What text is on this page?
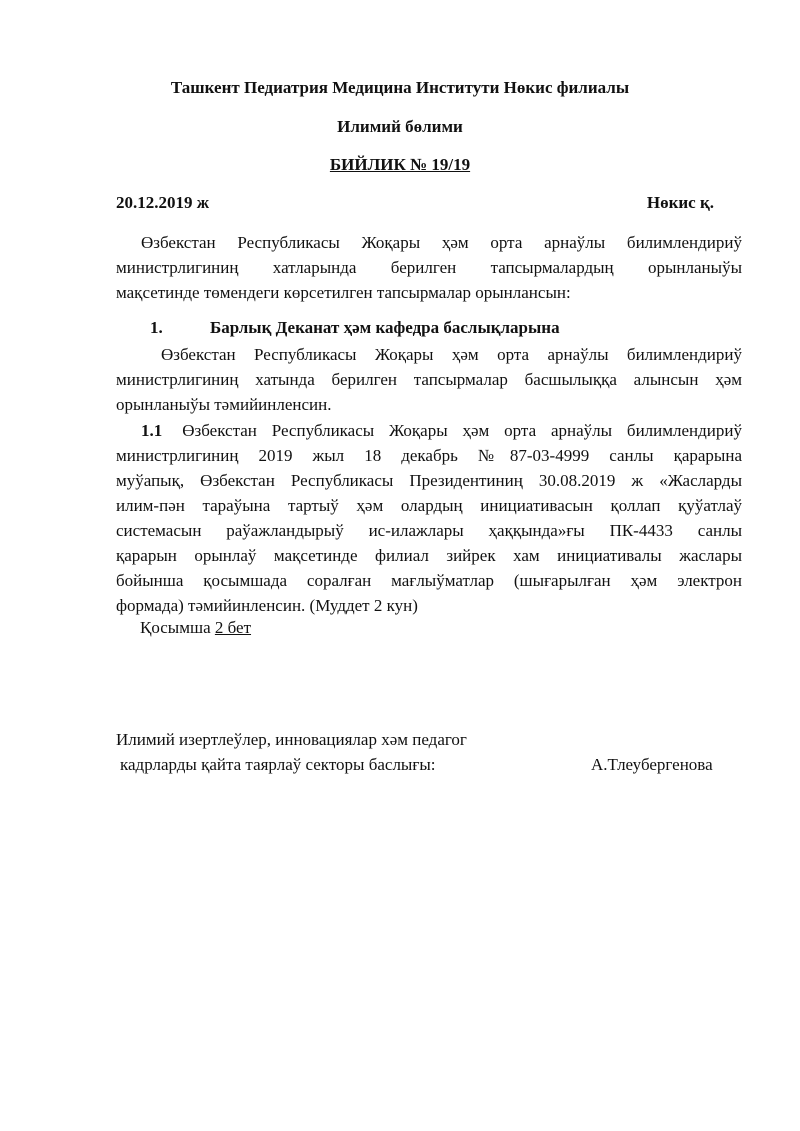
Ташкент Педиатрия Медицина Институти Нөкис филиалы
Илимий бөлими
БИЙЛИК № 19/19
20.12.2019 ж	Нөкис қ.
Өзбекстан Республикасы Жоқары ҳәм орта арнаўлы билимлендириў
министрлигиниң хатларында берилген тапсырмалардың орынланыўы
мақсетинде төмендеги көрсетилген тапсырмалар орынлансын:
1.	Барлық Деканат ҳәм кафедра баслықларына
Өзбекстан Республикасы Жоқары ҳәм орта арнаўлы билимлендириў
министрлигиниң хатында берилген тапсырмалар басшылыққа алынсын ҳәм
орынланыўы тәмийинленсин.
1.1 Өзбекстан Республикасы Жоқары ҳәм орта арнаўлы билимлендириў
министрлигиниң 2019 жыл 18 декабрь №87-03-4999 санлы қарарына
муўапық, Өзбекстан Республикасы Президентиниң 30.08.2019 ж «Жасларды
илим-пән тараўына тартыў ҳәм олардың инициативасын қоллап қуўатлаў
системасын раўажландырыў ис-илажлары ҳаққында»ғы ПК-4433 санлы
қарарын орынлаў мақсетинде филиал зийрек хам инициативалы жаслары
бойынша қосымшада соралған мағлыўматлар (шығарылған ҳәм электрон
формада) тәмийинленсин. (Муддет 2 кун)
Қосымша 2 бет
Илимий изертлеўлер, инновациялар хәм педагог
кадрларды қайта таярлаў секторы баслығы:	А.Тлеубергенова
